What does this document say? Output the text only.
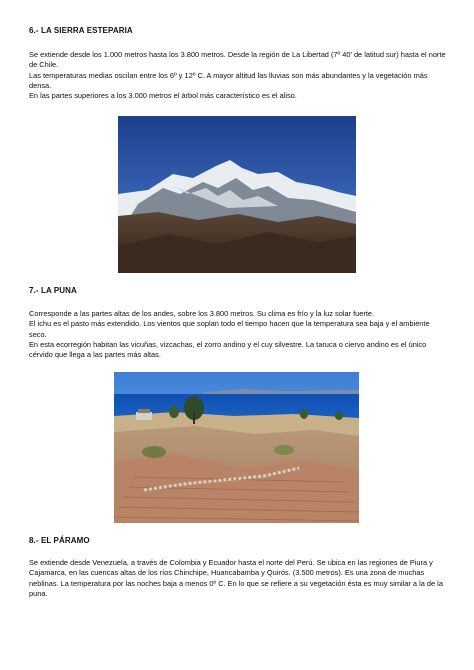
6.- LA SIERRA ESTEPARIA

Se extiende desde los 1.000 metros hasta los 3.800 metros. Desde la región de La Libertad (7º 40’ de latitud sur) hasta el norte de Chile.

Las temperaturas medias oscilan entre los 6º y 12º C. A mayor altitud las lluvias son más abundantes y la vegetación más densa.

En las partes superiores a los 3.000 metros el árbol más característico es el aliso.

7.- LA PUNA

Corresponde a las partes altas de los andes, sobre los 3.800 metros. Su clima es frío y la luz solar fuerte.

El ichu es el pasto más extendido. Los vientos que soplan todo el tiempo hacen que la temperatura sea baja y el ambiente seco.

En esta ecorregión habitan las vicuñas, vizcachas, el zorro andino y el cuy silvestre. La taruca o ciervo andino es el único cérvido que llega a las partes más altas.

8.- EL PÁRAMO

Se extiende desde Venezuela, a través de Colombia y Ecuador hasta el norte del Perú. Se ubica en las regiones de Piura y Cajamarca, en las cuencas altas de los ríos Chinchipe, Huancabamba y Quirós. (3.500 metros). Es una zona de muchas neblinas. La temperatura por las noches baja a menos 0º C. En lo que se refiere a su vegetación ésta es muy similar a la de la puna.
